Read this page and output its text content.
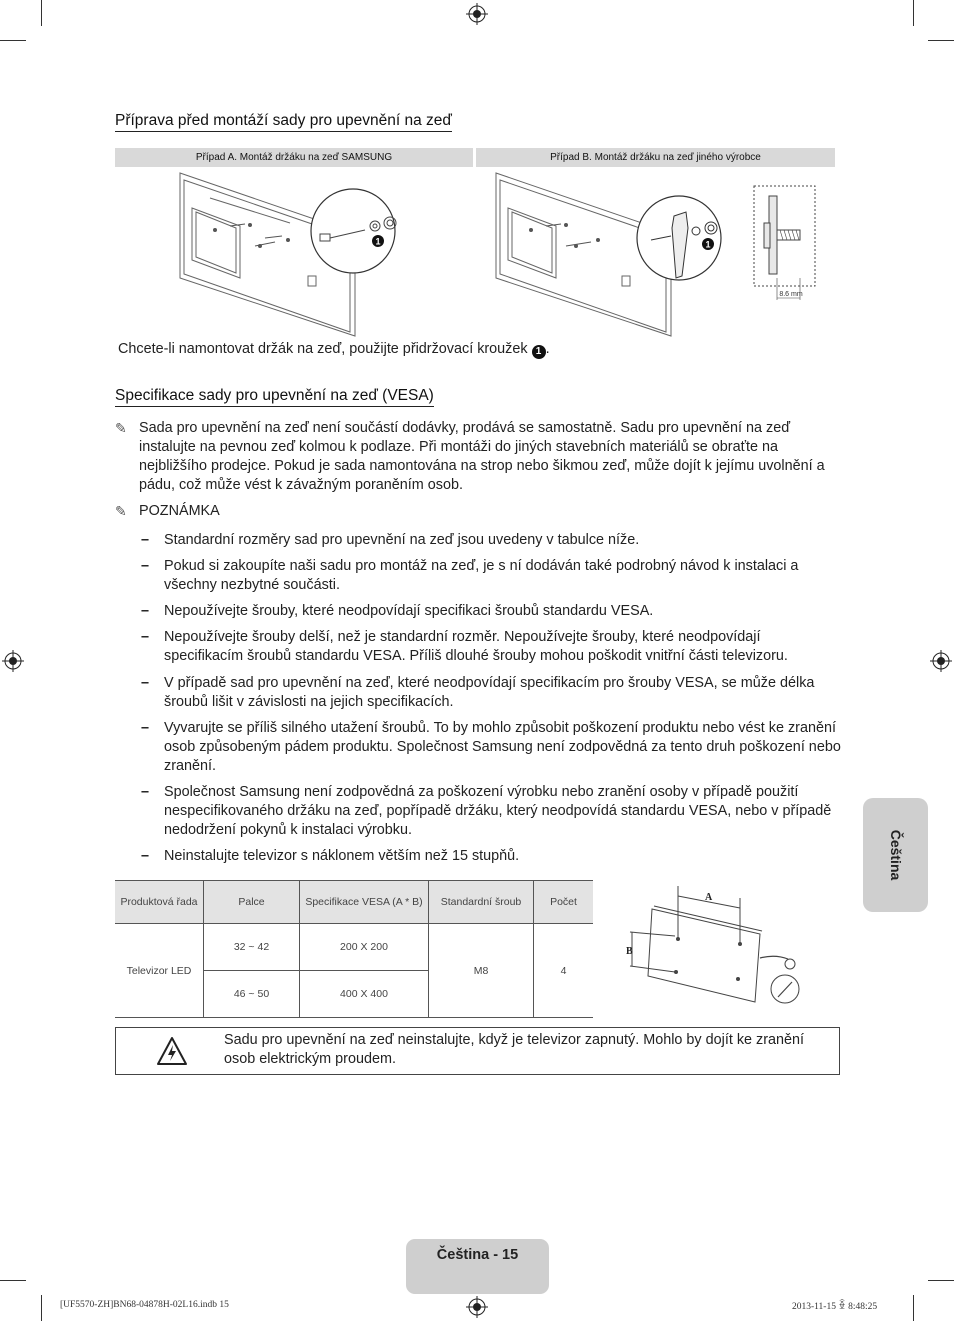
Příprava před montáží sady pro upevnění na zeď
Případ A. Montáž držáku na zeď SAMSUNG	Případ B. Montáž držáku na zeď jiného výrobce
1	1
8.6 mm
Chcete-li namontovat držák na zeď, použijte přidržovací kroužek 1 .
Specifikace sady pro upevnění na zeď (VESA)
✎ Sada pro upevnění na zeď není součástí dodávky, prodává se samostatně. Sadu pro upevnění na zeď instalujte na pevnou zeď kolmou k podlaze. Při montáži do jiných stavebních materiálů se obraťte na nejbližšího prodejce. Pokud je sada namontována na strop nebo šikmou zeď, může dojít k jejímu uvolnění a pádu, což může vést k závažným poraněním osob.
✎ POZNÁMKA
– Standardní rozměry sad pro upevnění na zeď jsou uvedeny v tabulce níže.
– Pokud si zakoupíte naši sadu pro montáž na zeď, je s ní dodáván také podrobný návod k instalaci a všechny nezbytné součásti.
– Nepoužívejte šrouby, které neodpovídají specifikaci šroubů standardu VESA.
– Nepoužívejte šrouby delší, než je standardní rozměr. Nepoužívejte šrouby, které neodpovídají specifikacím šroubů standardu VESA. Příliš dlouhé šrouby mohou poškodit vnitřní části televizoru.
– V případě sad pro upevnění na zeď, které neodpovídají specifikacím pro šrouby VESA, se může délka šroubů lišit v závislosti na jejich specifikacích.
– Vyvarujte se příliš silného utažení šroubů. To by mohlo způsobit poškození produktu nebo vést ke zranění osob způsobeným pádem produktu. Společnost Samsung není zodpovědná za tento druh poškození nebo zranění.
– Společnost Samsung není zodpovědná za poškození výrobku nebo zranění osoby v případě použití nespecifikovaného držáku na zeď, popřípadě držáku, který neodpovídá standardu VESA, nebo v případě nedodržení pokynů k instalaci výrobku.
– Neinstalujte televizor s náklonem větším než 15 stupňů.
Produktová řada	Palce	Specifikace VESA (A * B)	Standardní šroub	Počet
Televizor LED	32 ~ 42	200 X 200	M8	4
	46 ~ 50	400 X 400		
A
B
Sadu pro upevnění na zeď neinstalujte, když je televizor zapnutý. Mohlo by dojít ke zranění osob elektrickým proudem.
Čeština
Čeština - 15
[UF5570-ZH]BN68-04878H-02L16.indb 15	2013-11-15 ꆢ 8:48:25
